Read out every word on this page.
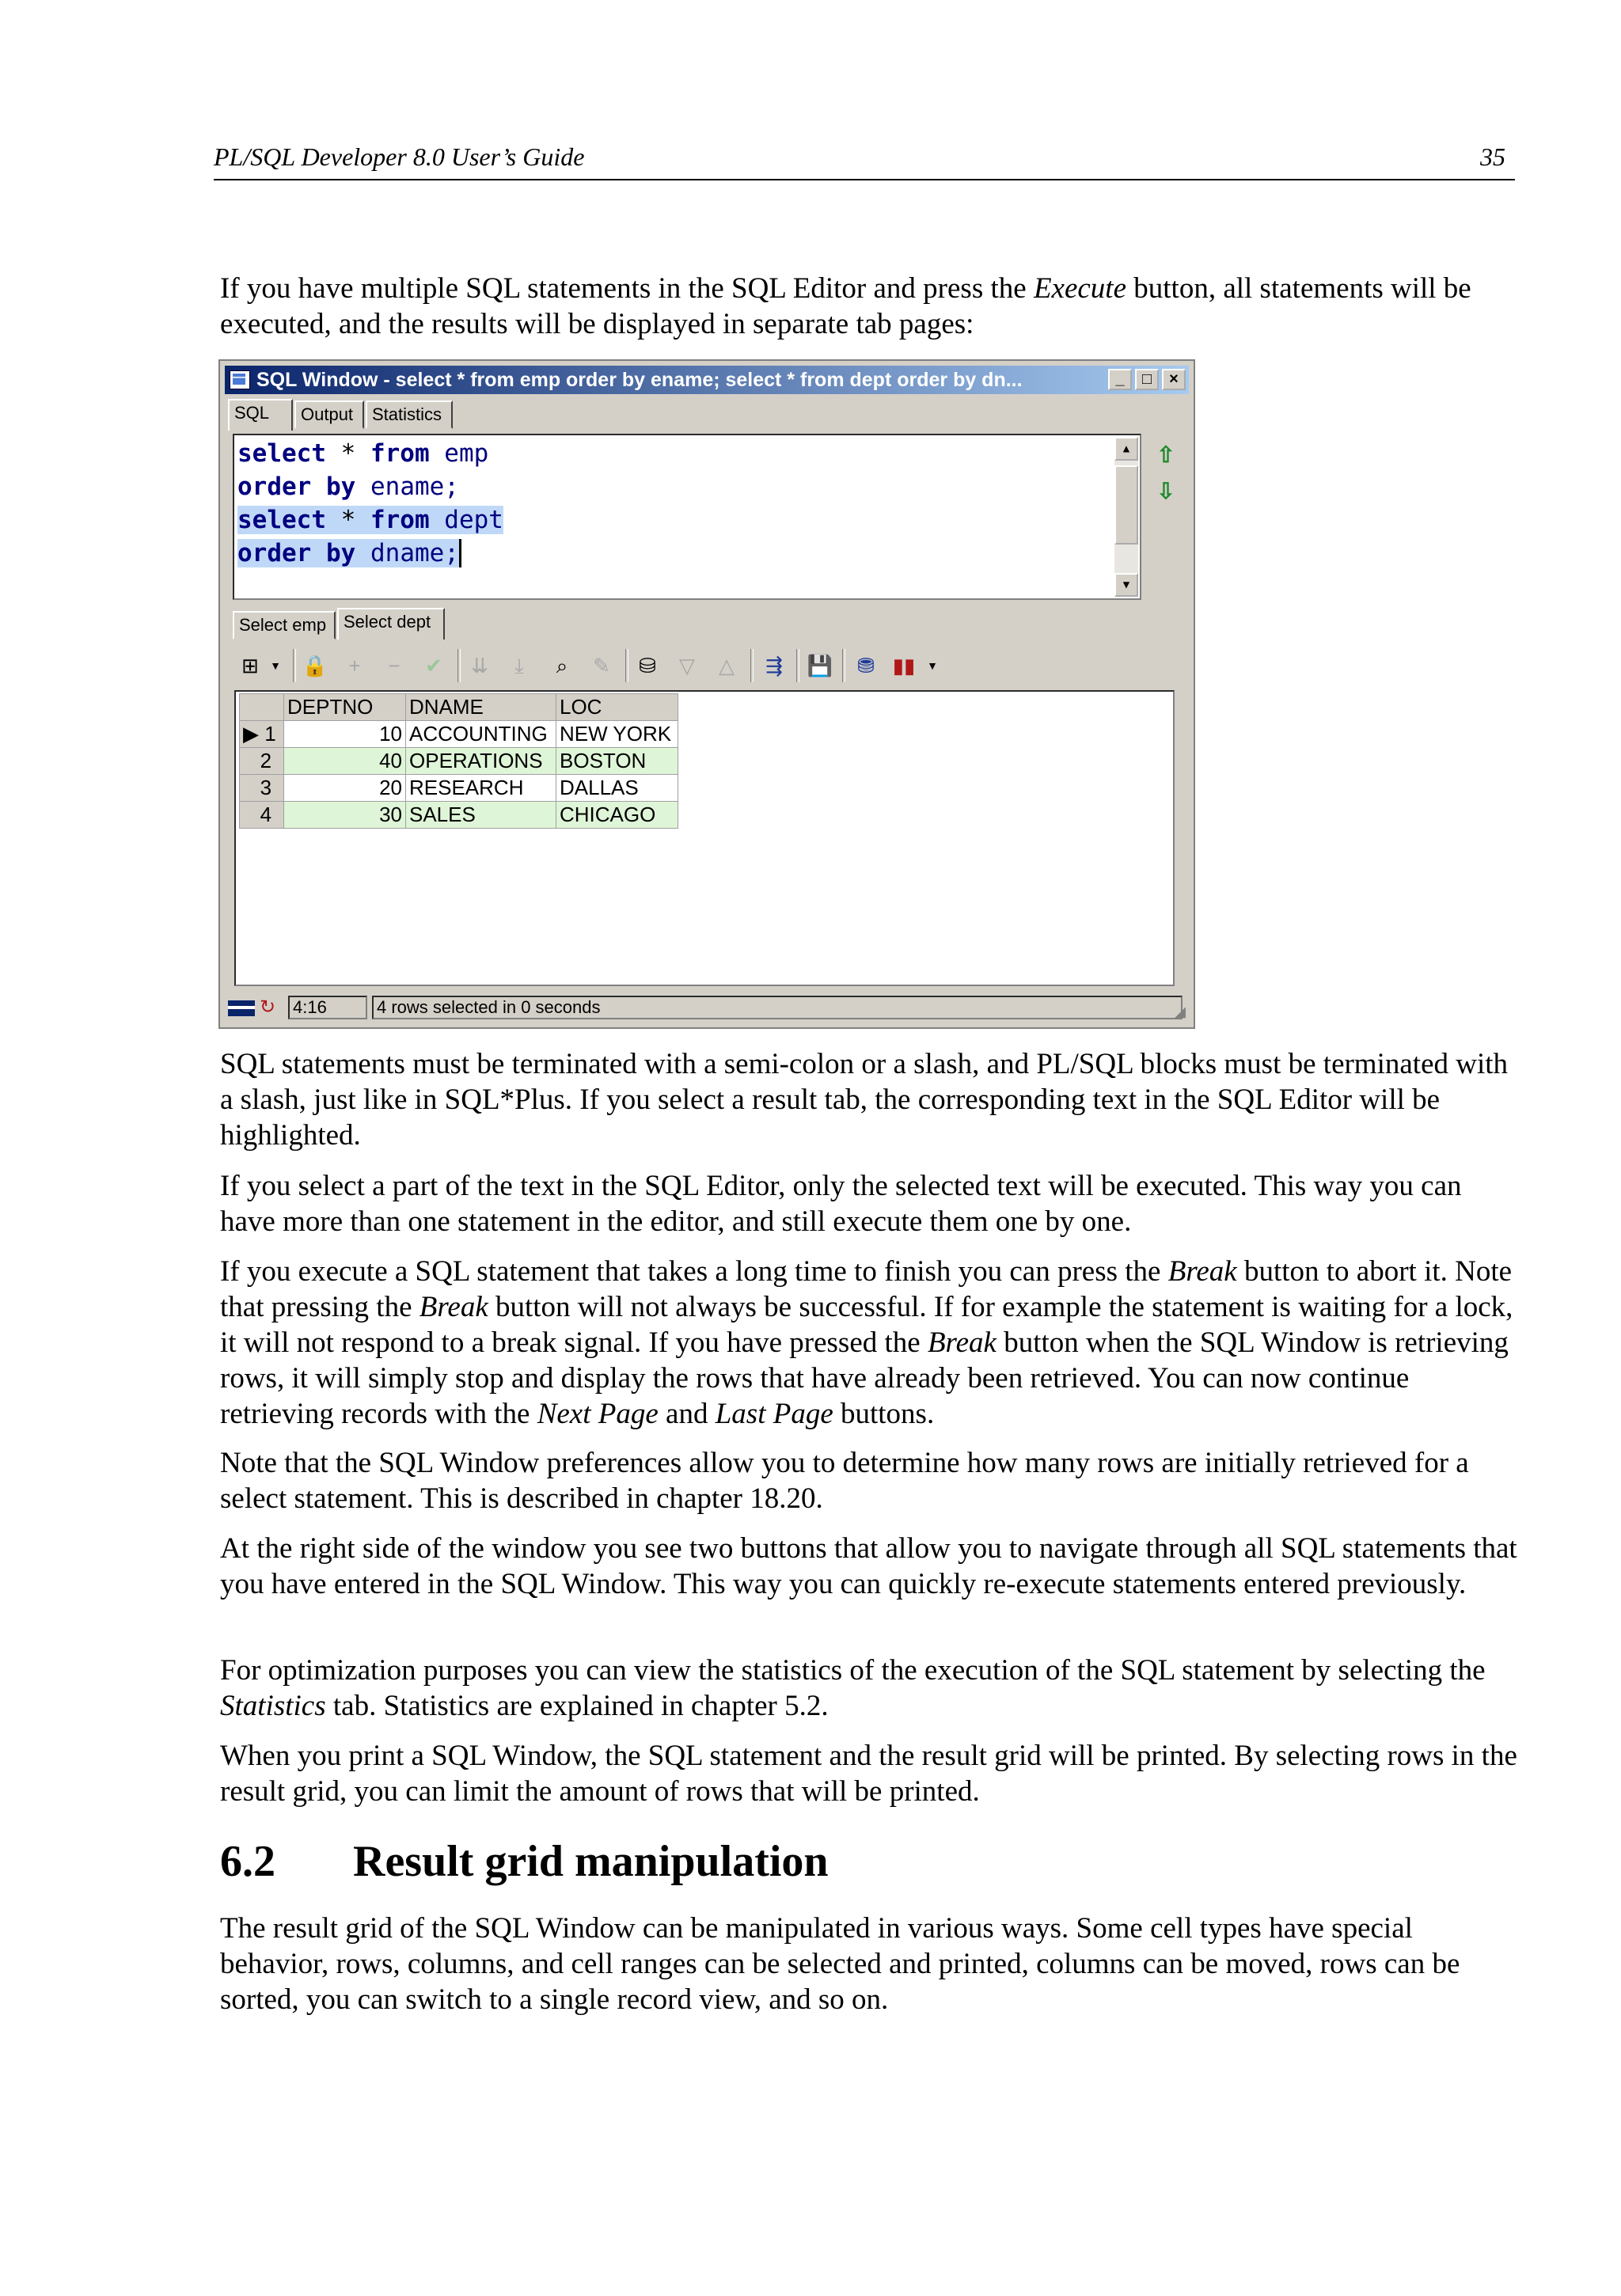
PL/SQL Developer 8.0 User’s Guide	35
If you have multiple SQL statements in the SQL Editor and press the Execute button, all statements will be executed, and the results will be displayed in separate tab pages:
SQL Window - select * from emp order by ename; select * from dept order by dn...	_	□	×
SQL	Output	Statistics
select * from emp
order by ename;
select * from dept
order by dname;
▲
▼
⇧
⇩
Select emp Select dept
⊞	▼	🔒	+	−	✔ ⇊	⤓	⌕	✎ ⛁	▽	△	⇶ 💾 ⛃ ▮▮	▼
	DEPTNO	DNAME	LOC
▶ 1	10	ACCOUNTING	NEW YORK
2	40	OPERATIONS	BOSTON
3	20	RESEARCH	DALLAS
4	30	SALES	CHICAGO
↻ 4:16	4 rows selected in 0 seconds	◢
SQL statements must be terminated with a semi-colon or a slash, and PL/SQL blocks must be terminated with a slash, just like in SQL*Plus. If you select a result tab, the corresponding text in the SQL Editor will be highlighted.
If you select a part of the text in the SQL Editor, only the selected text will be executed. This way you can have more than one statement in the editor, and still execute them one by one.
If you execute a SQL statement that takes a long time to finish you can press the Break button to abort it. Note that pressing the Break button will not always be successful. If for example the statement is waiting for a lock, it will not respond to a break signal. If you have pressed the Break button when the SQL Window is retrieving rows, it will simply stop and display the rows that have already been retrieved. You can now continue retrieving records with the Next Page and Last Page buttons.
Note that the SQL Window preferences allow you to determine how many rows are initially retrieved for a select statement. This is described in chapter 18.20.
At the right side of the window you see two buttons that allow you to navigate through all SQL statements that you have entered in the SQL Window. This way you can quickly re-execute statements entered previously.
For optimization purposes you can view the statistics of the execution of the SQL statement by selecting the Statistics tab. Statistics are explained in chapter 5.2.
When you print a SQL Window, the SQL statement and the result grid will be printed. By selecting rows in the result grid, you can limit the amount of rows that will be printed.
6.2 Result grid manipulation
The result grid of the SQL Window can be manipulated in various ways. Some cell types have special behavior, rows, columns, and cell ranges can be selected and printed, columns can be moved, rows can be sorted, you can switch to a single record view, and so on.
